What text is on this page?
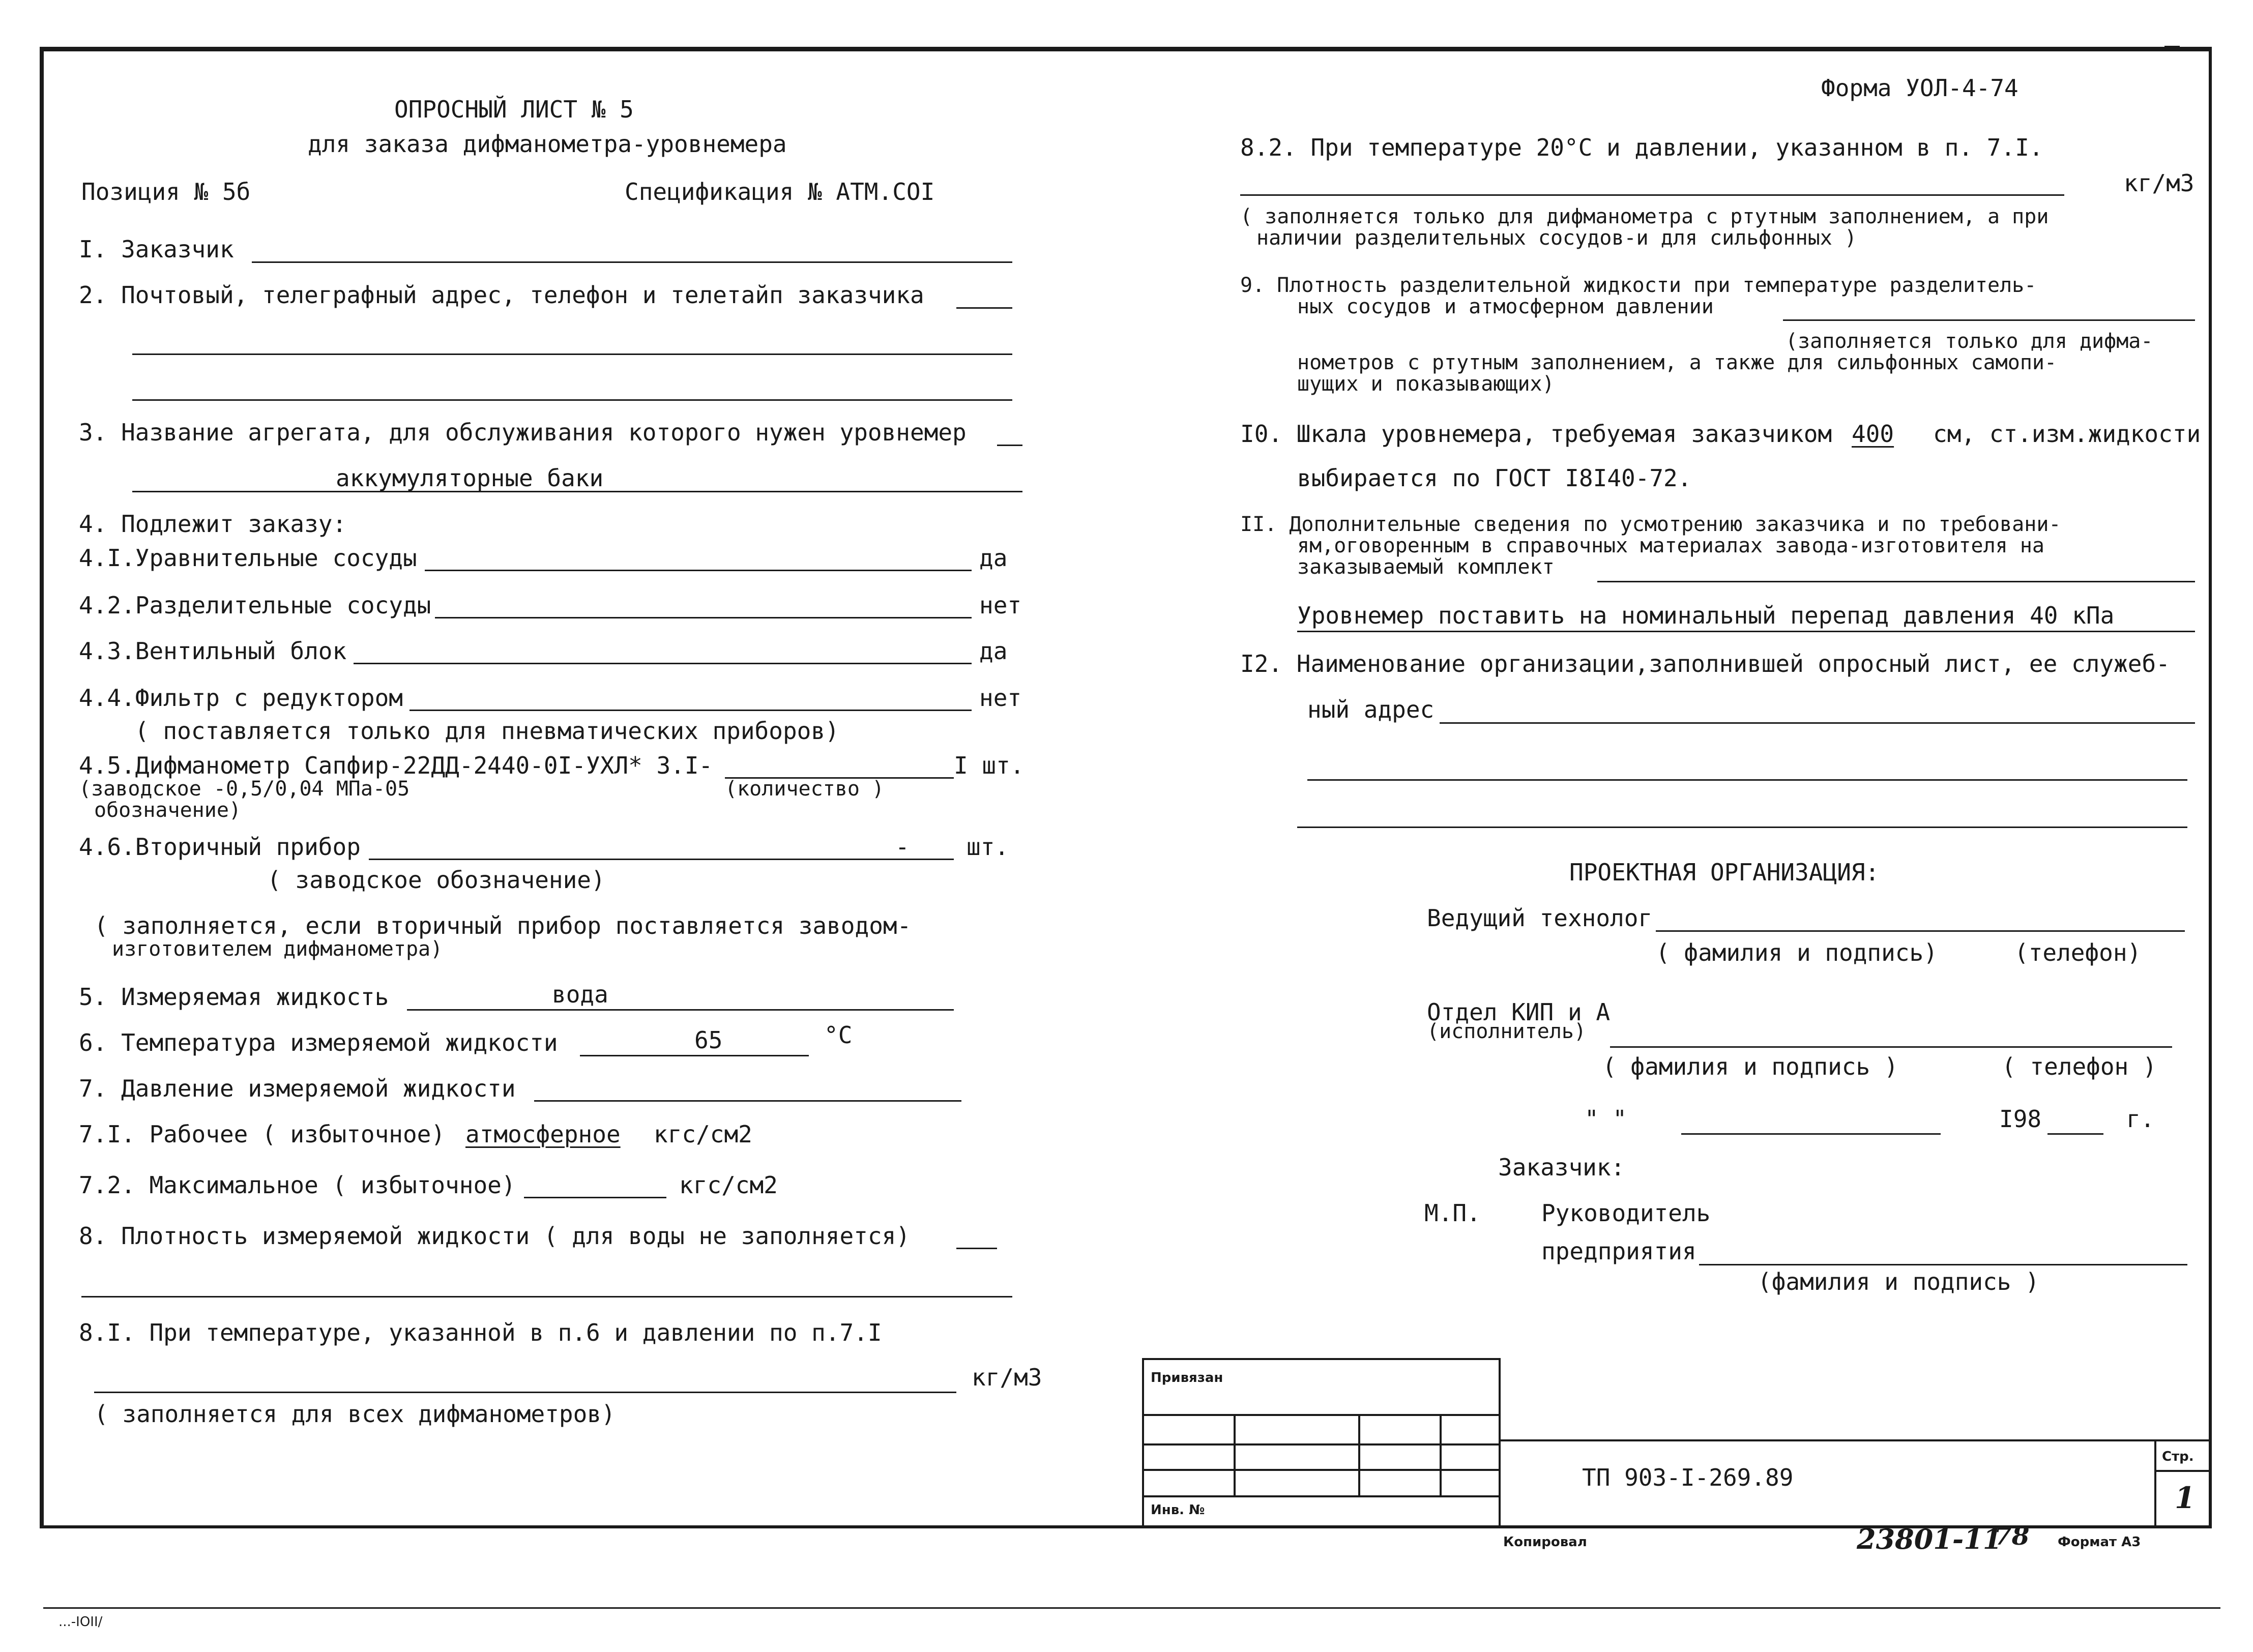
ОПРОСНЫЙ ЛИСТ № 5
для заказа дифманометра-уровнемера
Позиция № 5б	Спецификация № АТМ.СОI
Форма УОЛ-4-74
I. Заказчик
2. Почтовый, телеграфный адрес, телефон и телетайп заказчика
3. Название агрегата, для обслуживания которого нужен уровнемер
аккумуляторные баки
4. Подлежит заказу:
4.I.Уравнительные сосуды	да
4.2.Разделительные сосуды	нет
4.3.Вентильный блок	да
4.4.Фильтр с редуктором	нет
( поставляется только для пневматических приборов)
4.5.Дифманометр Сапфир-22ДД-2440-0I-УХЛ* 3.I-	I шт.
(заводское -0,5/0,04 МПа-05	(количество )
обозначение)
4.6.Вторичный прибор	- шт.
( заводское обозначение)
( заполняется, если вторичный прибор поставляется заводом-
изготовителем дифманометра)
5. Измеряемая жидкость	вода
6. Температура измеряемой жидкости	65	°С
7. Давление измеряемой жидкости
7.I. Рабочее ( избыточное) атмосферное кгс/см2
7.2. Максимальное ( избыточное)	кгс/см2
8. Плотность измеряемой жидкости ( для воды не заполняется)
8.I. При температуре, указанной в п.6 и давлении по п.7.I
кг/м3
( заполняется для всех дифманометров)
8.2. При температуре 20°С и давлении, указанном в п. 7.I.
кг/м3
( заполняется только для дифманометра с ртутным заполнением, а при
наличии разделительных сосудов-и для сильфонных )
9. Плотность разделительной жидкости при температуре разделитель-
ных сосудов и атмосферном давлении
(заполняется только для дифма-
нометров с ртутным заполнением, а также для сильфонных самопи-
шущих и показывающих)
I0. Шкала уровнемера, требуемая заказчиком 400 см, ст.изм.жидкости
выбирается по ГОСТ I8I40-72.
II. Дополнительные сведения по усмотрению заказчика и по требовани-
ям,оговоренным в справочных материалах завода-изготовителя на
заказываемый комплект
Уровнемер поставить на номинальный перепад давления 40 кПа
I2. Наименование организации,заполнившей опросный лист, ее служеб-
ный адрес
ПРОЕКТНАЯ ОРГАНИЗАЦИЯ:
Ведущий технолог
( фамилия и подпись)	(телефон)
Отдел КИП и А
(исполнитель)
( фамилия и подпись )	( телефон )
" "	I98	г.
Заказчик:
М.П.	Руководитель
предприятия
(фамилия и подпись )
Привязан
Инв. №
ТП 903-I-269.89
Стр.
1
Копировал	23801-11
78 Формат А3
...-IOII/
